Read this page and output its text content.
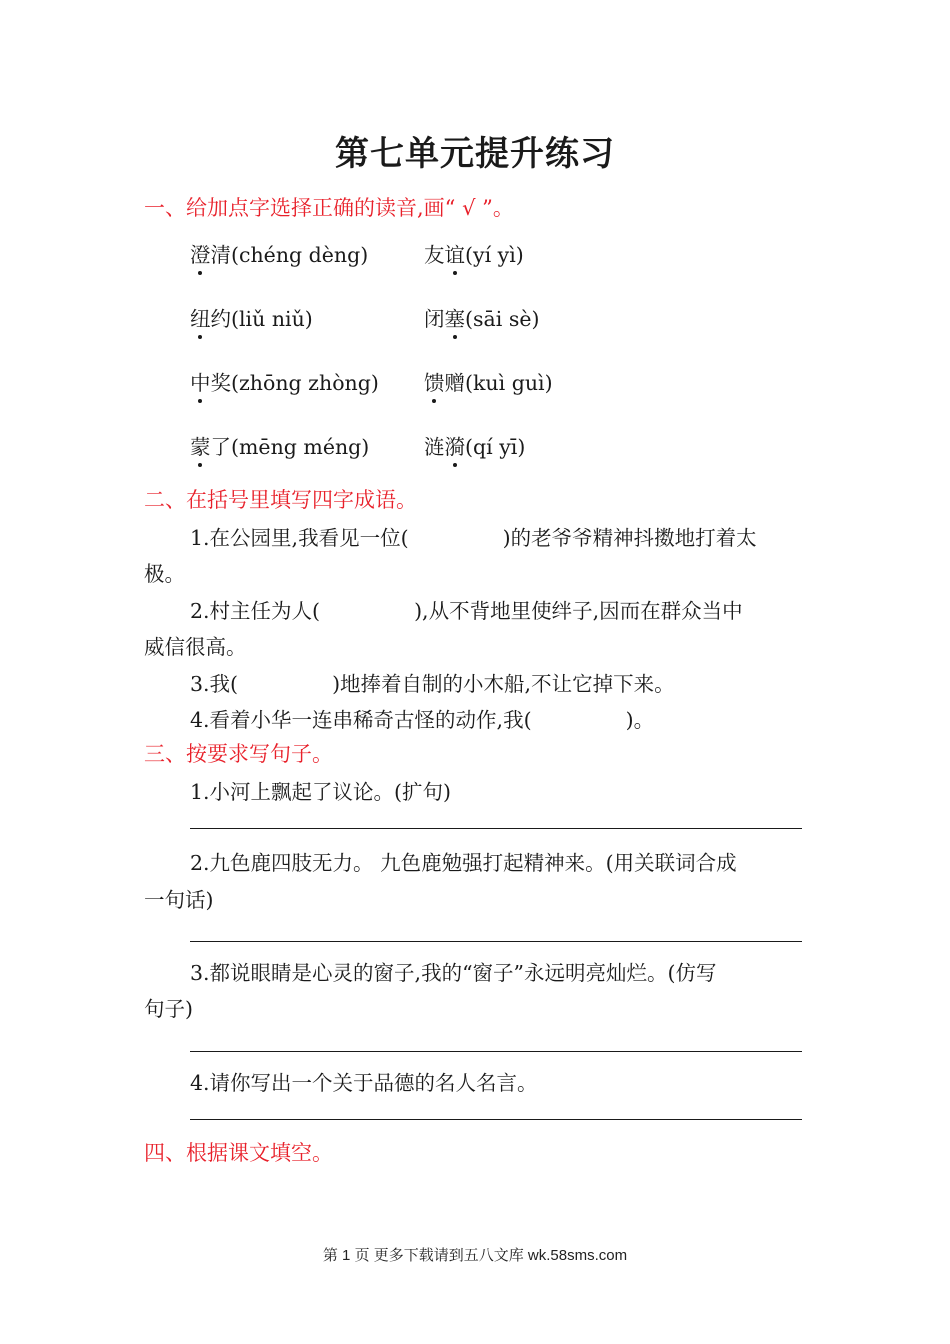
第七单元提升练习
一、给加点字选择正确的读音,画“ √ ”。
澄清(chéng dèng)	友谊(yí yì)
纽约(liǔ niǔ)	闭塞(sāi sè)
中奖(zhōng zhòng) 馈赠(kuì guì)
蒙了(mēng méng)	涟漪(qí yī)
二、在括号里填写四字成语。
1.在公园里,我看见一位(	)的老爷爷精神抖擞地打着太
极。
2.村主任为人(	),从不背地里使绊子,因而在群众当中
威信很高。
3.我(	)地捧着自制的小木船,不让它掉下来。
4.看着小华一连串稀奇古怪的动作,我(	)。
三、按要求写句子。
1.小河上飘起了议论。(扩句)
2.九色鹿四肢无力。 九色鹿勉强打起精神来。(用关联词合成
一句话)
3.都说眼睛是心灵的窗子,我的“窗子”永远明亮灿烂。(仿写
句子)
4.请你写出一个关于品德的名人名言。
四、根据课文填空。
第 1 页 更多下载请到五八文库 wk.58sms.com
